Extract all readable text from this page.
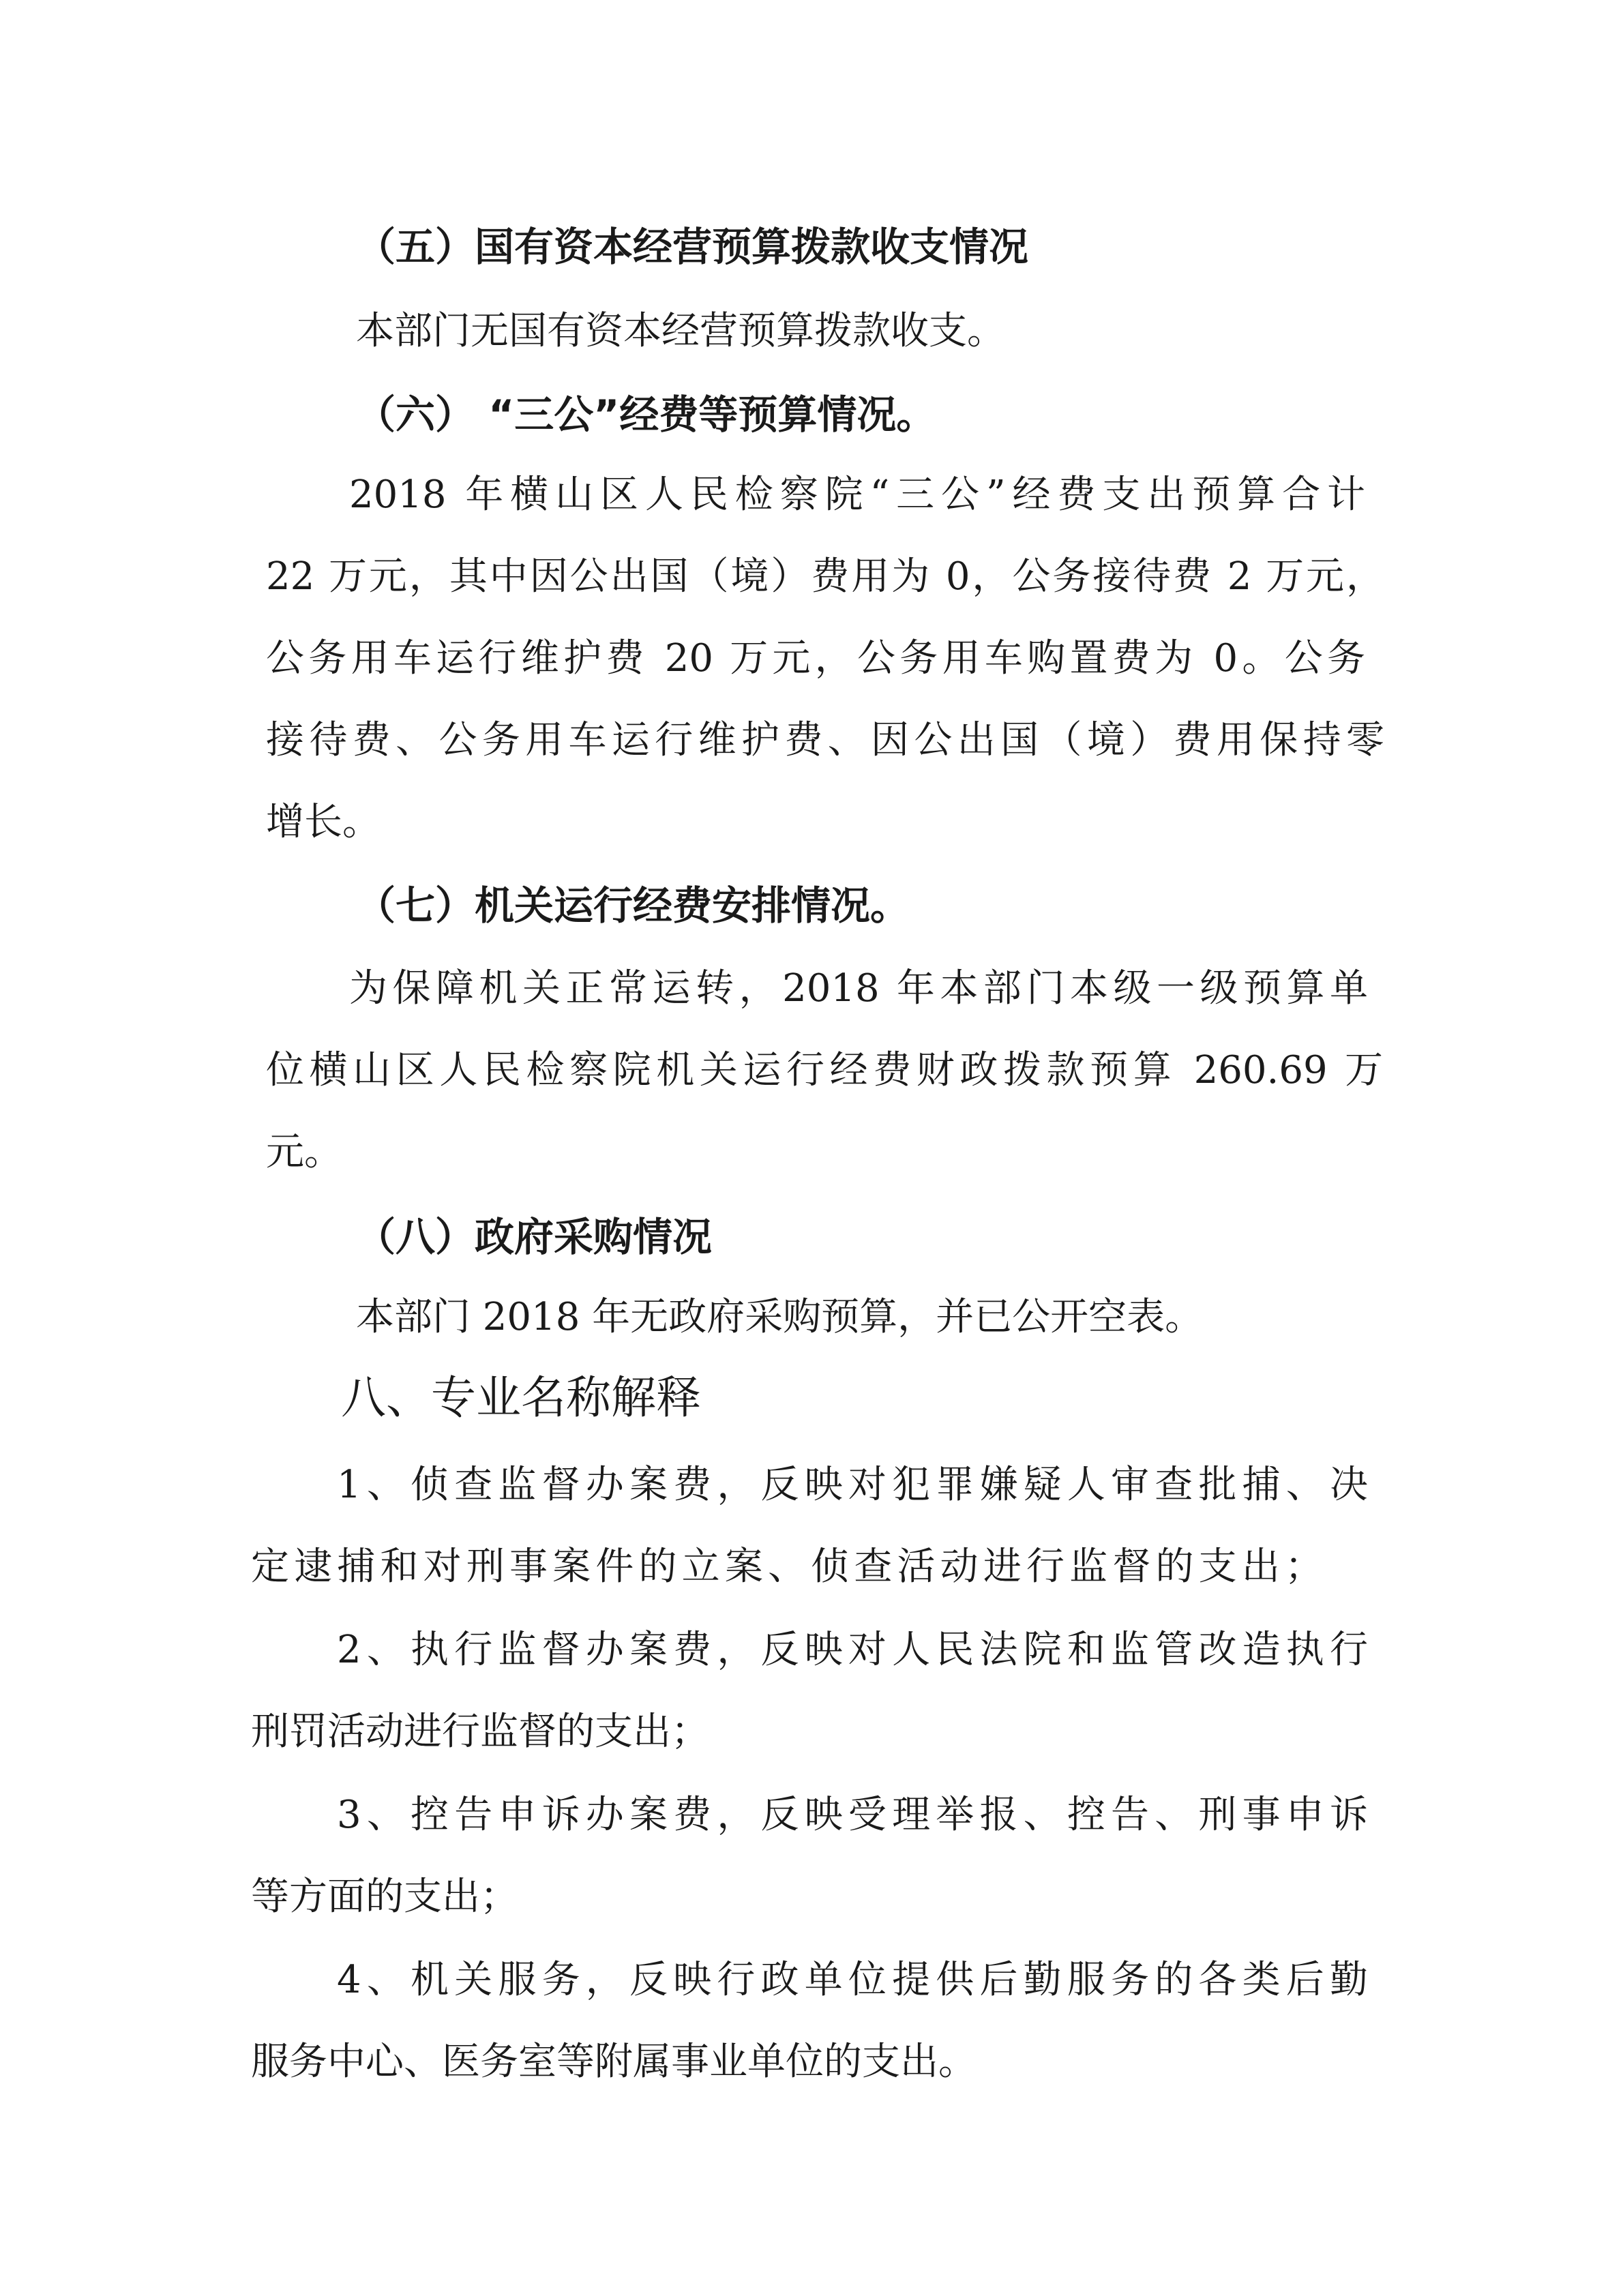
（五）国有资本经营预算拨款收支情况
本部门无国有资本经营预算拨款收支。
（六） “三公”经费等预算情况。
2018 年横山区人民检察院“三公”经费支出预算合计
22 万元，其中因公出国（境）费用为 0，公务接待费 2 万元，
公务用车运行维护费 20 万元，公务用车购置费为 0。公务
接待费、公务用车运行维护费、因公出国（境）费用保持零
增长。
（七）机关运行经费安排情况。
为保障机关正常运转，2018 年本部门本级一级预算单
位横山区人民检察院机关运行经费财政拨款预算 260.69 万
元。
（八）政府采购情况
本部门 2018 年无政府采购预算，并已公开空表。
八、专业名称解释
1、侦查监督办案费，反映对犯罪嫌疑人审查批捕、决
定逮捕和对刑事案件的立案、侦查活动进行监督的支出；
2、执行监督办案费，反映对人民法院和监管改造执行
刑罚活动进行监督的支出；
3、控告申诉办案费，反映受理举报、控告、刑事申诉
等方面的支出；
4、机关服务，反映行政单位提供后勤服务的各类后勤
服务中心、医务室等附属事业单位的支出。
